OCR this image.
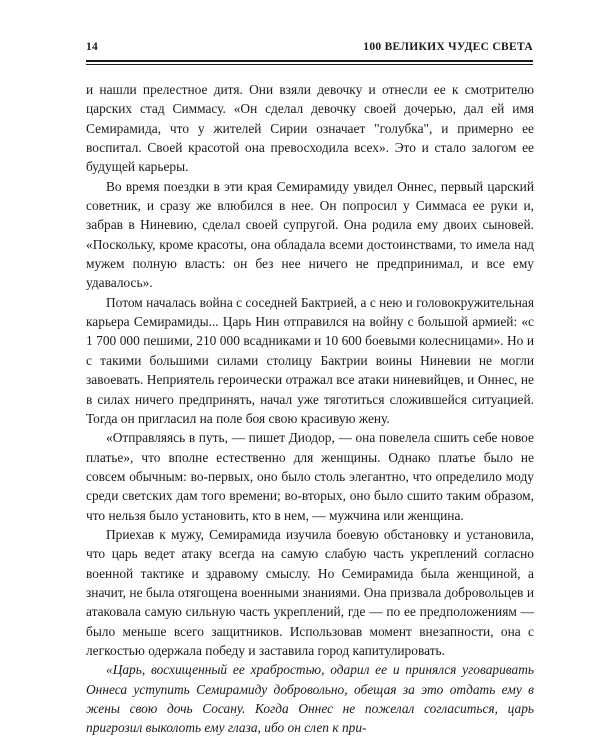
14	100 ВЕЛИКИХ ЧУДЕС СВЕТА

и нашли прелестное дитя. Они взяли девочку и отнесли ее к смотрителю царских стад Симмасу. «Он сделал девочку своей дочерью, дал ей имя Семирамида, что у жителей Сирии означает "голубка", и примерно ее воспитал. Своей красотой она превосходила всех». Это и стало залогом ее будущей карьеры.

Во время поездки в эти края Семирамиду увидел Оннес, первый царский советник, и сразу же влюбился в нее. Он попросил у Симмаса ее руки и, забрав в Ниневию, сделал своей супругой. Она родила ему двоих сыновей. «Поскольку, кроме красоты, она обладала всеми достоинствами, то имела над мужем полную власть: он без нее ничего не предпринимал, и все ему удавалось».

Потом началась война с соседней Бактрией, а с нею и головокружительная карьера Семирамиды... Царь Нин отправился на войну с большой армией: «с 1 700 000 пешими, 210 000 всадниками и 10 600 боевыми колесницами». Но и с такими большими силами столицу Бактрии воины Ниневии не могли завоевать. Неприятель героически отражал все атаки ниневийцев, и Оннес, не в силах ничего предпринять, начал уже тяготиться сложившейся ситуацией. Тогда он пригласил на поле боя свою красивую жену.

«Отправляясь в путь, — пишет Диодор, — она повелела сшить себе новое платье», что вполне естественно для женщины. Однако платье было не совсем обычным: во-первых, оно было столь элегантно, что определило моду среди светских дам того времени; во-вторых, оно было сшито таким образом, что нельзя было установить, кто в нем, — мужчина или женщина.

Приехав к мужу, Семирамида изучила боевую обстановку и установила, что царь ведет атаку всегда на самую слабую часть укреплений согласно военной тактике и здравому смыслу. Но Семирамида была женщиной, а значит, не была отягощена военными знаниями. Она призвала добровольцев и атаковала самую сильную часть укреплений, где — по ее предположениям — было меньше всего защитников. Использовав момент внезапности, она с легкостью одержала победу и заставила город капитулировать.

«Царь, восхищенный ее храбростью, одарил ее и принялся уговаривать Оннеса уступить Семирамиду добровольно, обещая за это отдать ему в жены свою дочь Сосану. Когда Оннес не пожелал согласиться, царь пригрозил выколоть ему глаза, ибо он слеп к при-
